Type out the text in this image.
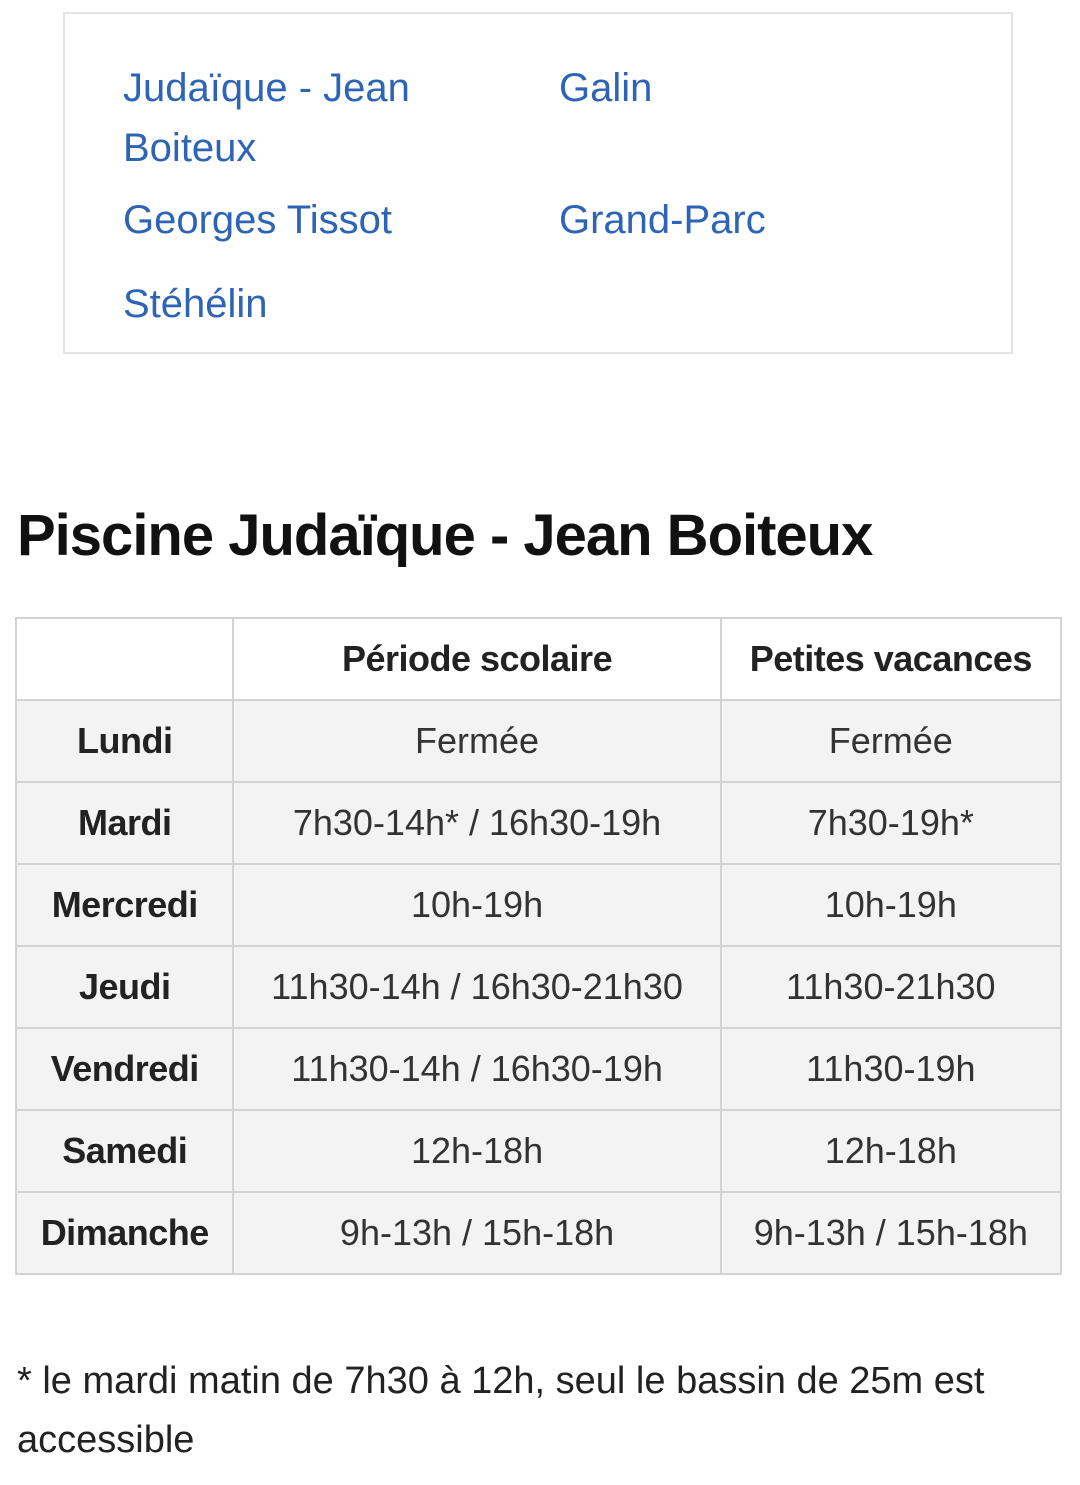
Judaïque - Jean Boiteux
Galin
Georges Tissot	Grand-Parc
Stéhélin
Piscine Judaïque - Jean Boiteux
	Période scolaire	Petites vacances
Lundi	Fermée	Fermée
Mardi	7h30-14h* / 16h30-19h	7h30-19h*
Mercredi	10h-19h	10h-19h
Jeudi	11h30-14h / 16h30-21h30	11h30-21h30
Vendredi	11h30-14h / 16h30-19h	11h30-19h
Samedi	12h-18h	12h-18h
Dimanche	9h-13h / 15h-18h	9h-13h / 15h-18h

* le mardi matin de 7h30 à 12h, seul le bassin de 25m est accessible
